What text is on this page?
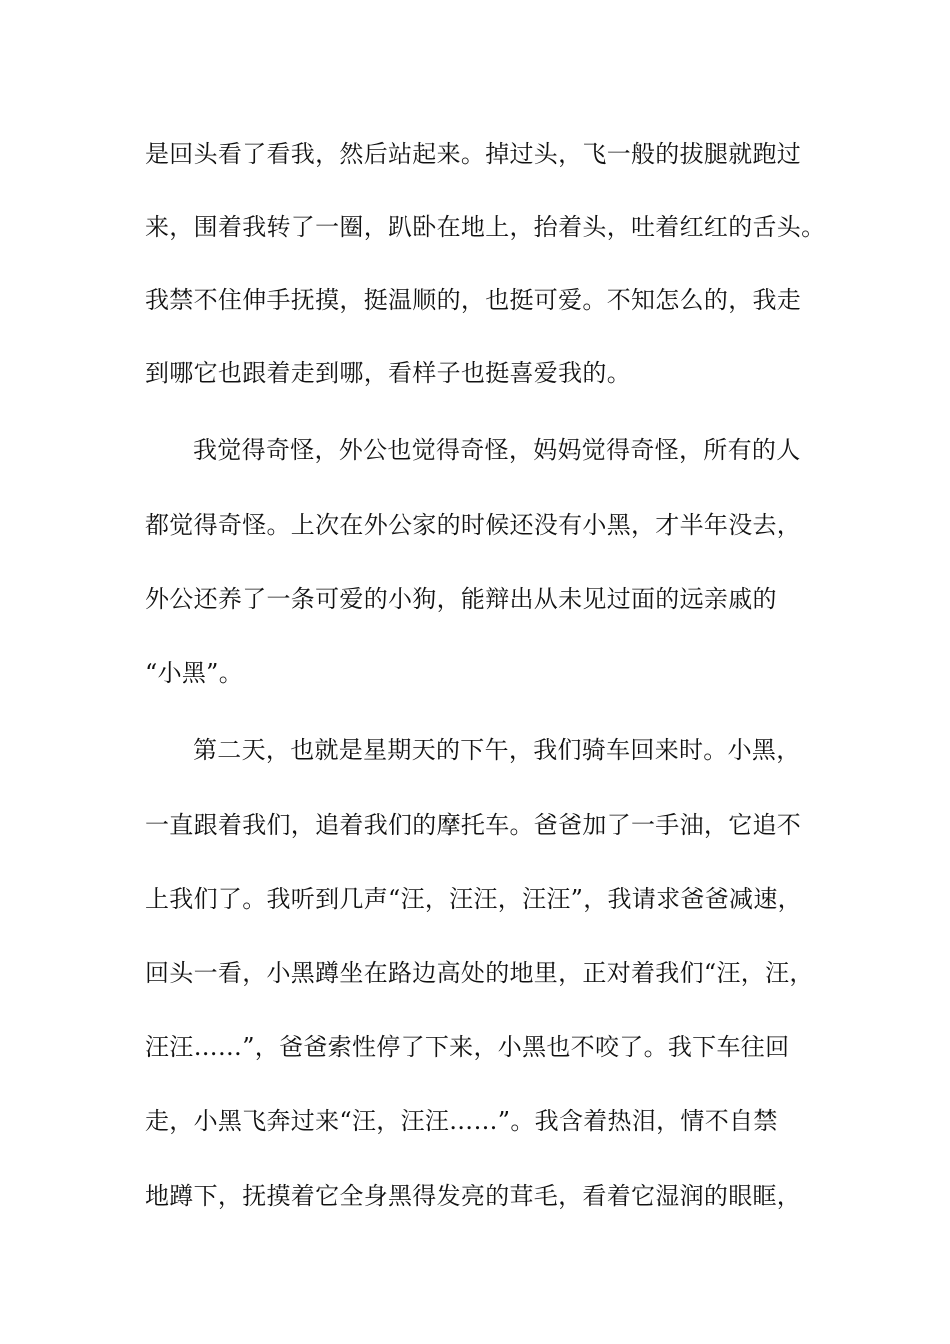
是回头看了看我，然后站起来。掉过头，飞一般的拔腿就跑过
来，围着我转了一圈，趴卧在地上，抬着头，吐着红红的舌头。
我禁不住伸手抚摸，挺温顺的，也挺可爱。不知怎么的，我走
到哪它也跟着走到哪，看样子也挺喜爱我的。
我觉得奇怪，外公也觉得奇怪，妈妈觉得奇怪，所有的人
都觉得奇怪。上次在外公家的时候还没有小黑，才半年没去，
外公还养了一条可爱的小狗，能辩出从未见过面的远亲戚的
“小黑”。
第二天，也就是星期天的下午，我们骑车回来时。小黑，
一直跟着我们，追着我们的摩托车。爸爸加了一手油，它追不
上我们了。我听到几声“汪，汪汪，汪汪”，我请求爸爸减速，
回头一看，小黑蹲坐在路边高处的地里，正对着我们“汪，汪，
汪汪……”，爸爸索性停了下来，小黑也不咬了。我下车往回
走，小黑飞奔过来“汪，汪汪……”。我含着热泪，情不自禁
地蹲下，抚摸着它全身黑得发亮的茸毛，看着它湿润的眼眶，
